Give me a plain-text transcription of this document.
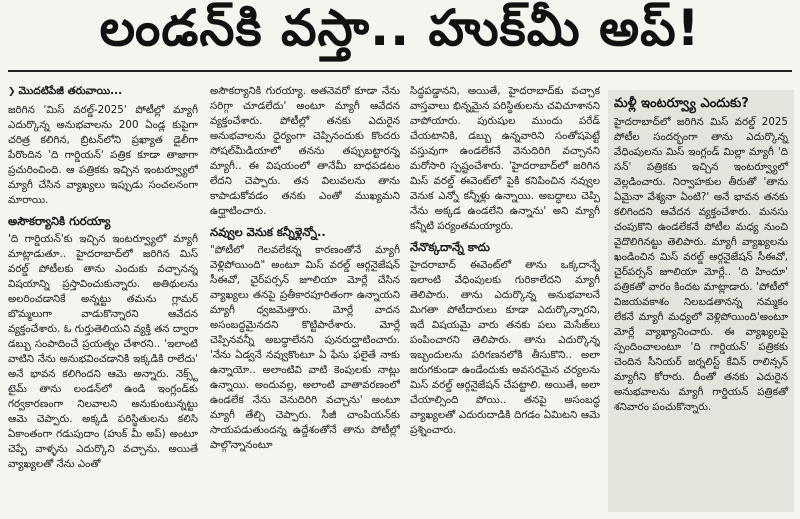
లండన్‌కి వస్తా.. హుక్‌మీ అప్!
❯ మొదటిపేజీ తరువాయి...

జరిగిన 'మిస్ వరల్డ్-2025' పోటీల్లో మ్యాగీ ఎదుర్కొన్న అనుభవాలను 200 ఏండ్ల కుపైగా చరిత్ర కలిగిన, బ్రిటన్‌లోని ప్రఖ్యాత డైలీగా పేరొందిన 'ది గార్డియన్' పత్రిక కూడా తాజాగా ప్రచురించింది. ఆ పత్రికకు ఇచ్చిన ఇంటర్వ్యూలో మ్యాగీ చేసిన వ్యాఖ్యలు ఇప్పుడు సంచలనంగా మారాయి.

అసౌకర్యానికి గురయ్యా

'ది గార్డియన్'కు ఇచ్చిన ఇంటర్వ్యూలో మ్యాగీ మాట్లాడుతూ.. హైదరాబాద్‌లో జరిగిన మిస్ వరల్డ్ పోటీలకు తాను ఎందుకు వచ్చానన్న విషయాన్ని ప్రస్తావించుకున్నారు. అతిథులను అలరించడానికే అన్నట్టు తమను గ్లామర్ బొమ్మలుగా వాడుకొన్నారని ఆవేదన వ్యక్తంచేశారు. ఓ గుర్తుతెలియని వ్యక్తి తన ద్వారా డబ్బు సంపాదించే ప్రయత్నం చేశారని.. 'ఇలాంటి వాటిని నేను అనుభవించడానికి ఇక్కడికి రాలేదు' అనే భావన కలిగిందని ఆమె అన్నారు. నెక్స్ట్ టైమ్ తాను లండన్‌లో ఉండి ఇంగ్లండ్‌కు గర్వకారణంగా నిలవాలని అనుకుంటున్నట్టు ఆమె చెప్పారు. అక్కడి పరిస్థితులను కలిసి ఏకాంతంగా గడుపుదాం (హుక్ మీ అప్) అంటూ చెప్పే వాళ్ళను ఎదుర్కొని వచ్చాను. అయితే వ్యాఖ్యలతో నేను ఎంతో

అసౌకర్యానికి గురయ్యా. అతనెవరో కూడా నేను సరిగ్గా చూడలేదు' అంటూ మ్యాగీ ఆవేదన వ్యక్తంచేశారు. పోటీల్లో తనకు ఎదురైన అనుభవాలను ధైర్యంగా చెప్పినందుకు కొందరు సోషల్‌మీడియాలో తనను తప్పుబట్టారన్న మ్యాగీ.. ఈ విషయంలో తానేమీ బాధపడటం లేదని చెప్పారు. తన విలువలను తాను కాపాడుకోవడం తనకు ఎంతో ముఖ్యమని ఉద్ఘాటించారు.

నవ్వుల వెనుక కన్నీళ్లెన్నో..

"పోటీలో గెలవలేకన్న కారణంతోనే మ్యాగీ వెళ్లిపోయింది" అంటూ మిస్ వరల్డ్ ఆర్గనైజేషన్ సీఈవో, చైర్‌పర్సన్ జూలియా మోర్లే చేసిన వ్యాఖ్యలు తనపై ప్రతీకారపూరితంగా ఉన్నాయని మ్యాగీ ధ్వజమెత్తారు. మోర్లే వాదన అసంబద్ధమైనదని కొట్టిపారేశారు. మోర్లే చెప్పినవన్నీ అబద్ధాలేనని పునరుద్ఘాటించారు. 'నేను ఏడ్వనే నవ్వుకొంటూ ఏ ఫేసు ఫలైతే నాకు ఉన్నాయో.. అలాంటివి వాటి కెంపులకు నాట్లు ఉన్నాయి. అందువల్ల, అలాంటి వాతావరణంలో ఉండలేక నేను వెనుదిరిగి వచ్చాను' అంటూ మ్యాగీ తేల్చి చెప్పారు. సీజీ చాంపియన్‌కు సాయపడుతుందన్న ఉద్దేశంతోనే తాను పోటీల్లో పాల్గొన్నానంటూ

సిద్ధపడ్డానని, అయితే, హైదరాబాద్‌కు వచ్చాక వాస్తవాలు భిన్నమైన పరిస్థితులను చవిచూశానని వాపోయారు. పురుషుల ముందు పరేడ్ చేయటానికి, డబ్బు ఉన్నవారిని సంతోషపెట్టే వస్తువుగా ఉండలేకనే వెనుదిరిగి వచ్చానని మరోసారి స్పష్టంచేశారు. 'హైదరాబాద్‌లో జరిగిన మిస్ వరల్డ్ ఈవెంట్‌లో పైకి కనిపించిన నవ్వుల వెనుక ఎన్నో కన్నీళ్లు ఉన్నాయి. అబద్ధాలు చెప్పి నేను అక్కడ ఉండలేని ఉన్నాను' అని మ్యాగీ కన్నీటి పర్యంతమయ్యారు.

నేనొక్కదాన్నే కాదు

హైదరాబాద్ ఈవెంట్‌లో తాను ఒక్కదాన్నే ఇలాంటి వేధింపులకు గురికాలేదని మ్యాగీ తెలిపారు. తాను ఎదుర్కొన్న అనుభవాలనే మిగతా పోటీదారులు కూడా ఎదుర్కొన్నారని, ఇదే విషయమై వారు తనకు పలు మెసేజ్‌లు పంపించారని తెలిపారు. తాను ఎదుర్కొన్న ఇబ్బందులను పరిగణనలోకి తీసుకొని.. అలా జరుగకుండా ఉండేందుకు అవసరమైన చర్యలను మిస్ వరల్డ్ ఆర్గనైజేషన్ చేపట్టాలి. అయితే, అలా చేయాల్సింది పోయి.. తనపై అసంబద్ధ వ్యాఖ్యలతో ఎదురుదాడికి దిగడం ఏమిటని ఆమె ప్రశ్నించారు.

మళ్లీ ఇంటర్వ్యూ ఎందుకు?

హైదరాబాద్‌లో జరిగిన మిస్ వరల్డ్ 2025 పోటీల సందర్భంగా తాను ఎదుర్కొన్న వేధింపులను మిస్ ఇంగ్లండ్ మిల్లా మ్యాగీ 'ది సన్' పత్రికకు ఇచ్చిన ఇంటర్వ్యూలో వెల్లడించారు. నిర్వాహకుల తీరుతో 'తాను ఏమైనా వేశ్యనా ఏంటి?' అనే భావన తనకు కలిగిందని ఆవేదన వ్యక్తంచేశారు. మనసు చంపుకొని ఉండలేకనే పోటీల మధ్య నుంచి వైదొలిగినట్టు తెలిపారు. మ్యాగీ వ్యాఖ్యలను ఖండించిన మిస్ వరల్డ్ ఆర్గనైజేషన్ సీఈవో, చైర్‌పర్సన్ జూలియా మోర్లే.. 'ది హిందూ' పత్రికతో వారం కిందట మాట్లాడారు. 'పోటీలో విజయవకాశం నిలబడతానన్న నమ్మకం లేకనే మ్యాగీ మధ్యలో వెళ్లిపోయింది'అంటూ మోర్లే వ్యాఖ్యానించారు. ఈ వ్యాఖ్యలపై స్పందించాలంటూ 'ది గార్డియన్' పత్రికకు చెందిన సీనియర్ జర్నలిస్ట్ కేవిన్ రాలిన్సన్ మ్యాగీని కోరారు. దీంతో తనకు ఎదురైన అనుభవాలను మ్యాగీ గార్డియన్ పత్రికతో శనివారం పంచుకొన్నారు.
